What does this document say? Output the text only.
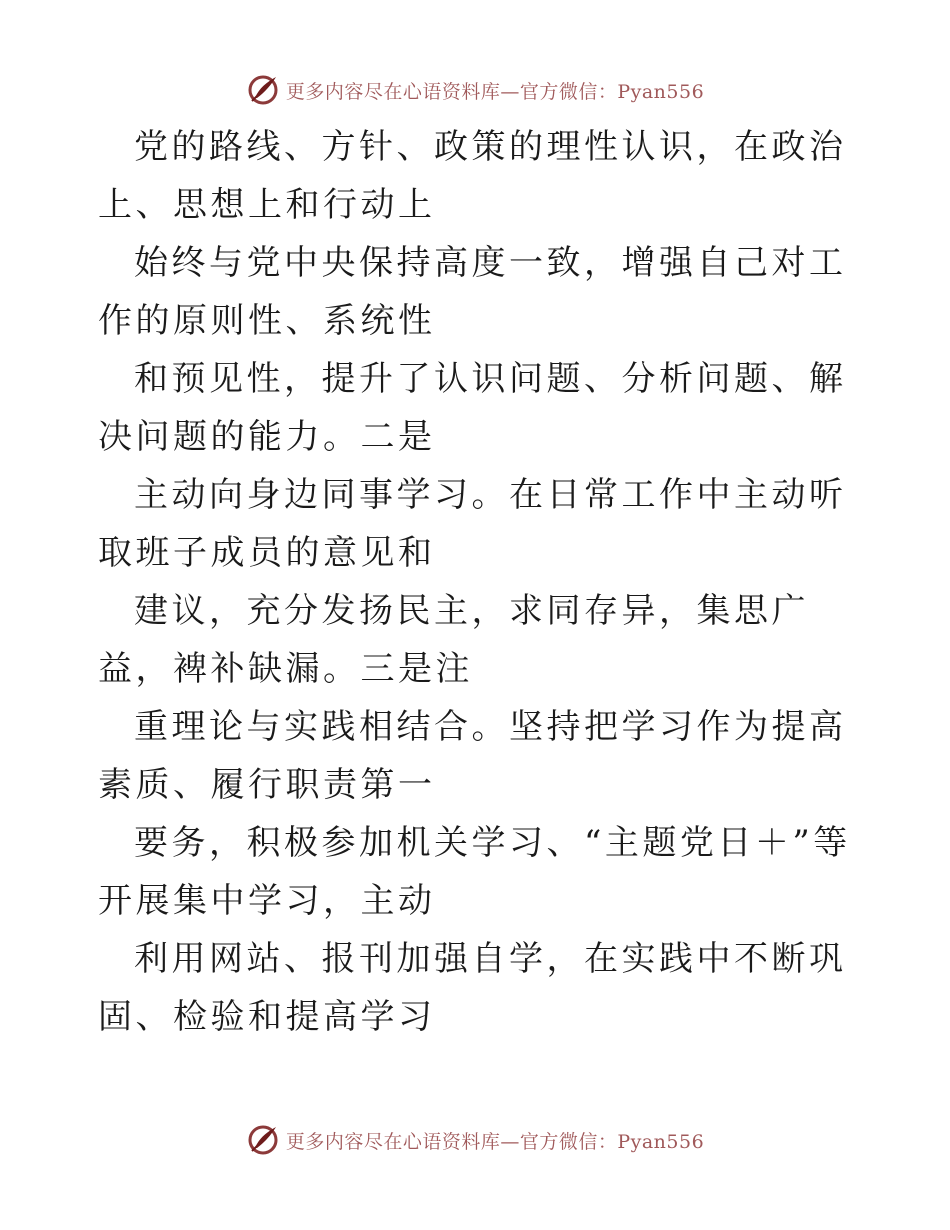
更多内容尽在心语资料库—官方微信：Pyan556

党的路线、方针、政策的理性认识，在政治上、思想上和行动上

始终与党中央保持高度一致，增强自己对工作的原则性、系统性

和预见性，提升了认识问题、分析问题、解决问题的能力。二是

主动向身边同事学习。在日常工作中主动听取班子成员的意见和

建议，充分发扬民主，求同存异，集思广益，裨补缺漏。三是注

重理论与实践相结合。坚持把学习作为提高素质、履行职责第一

要务，积极参加机关学习、“主题党日＋”等开展集中学习，主动

利用网站、报刊加强自学，在实践中不断巩固、检验和提高学习

更多内容尽在心语资料库—官方微信：Pyan556
